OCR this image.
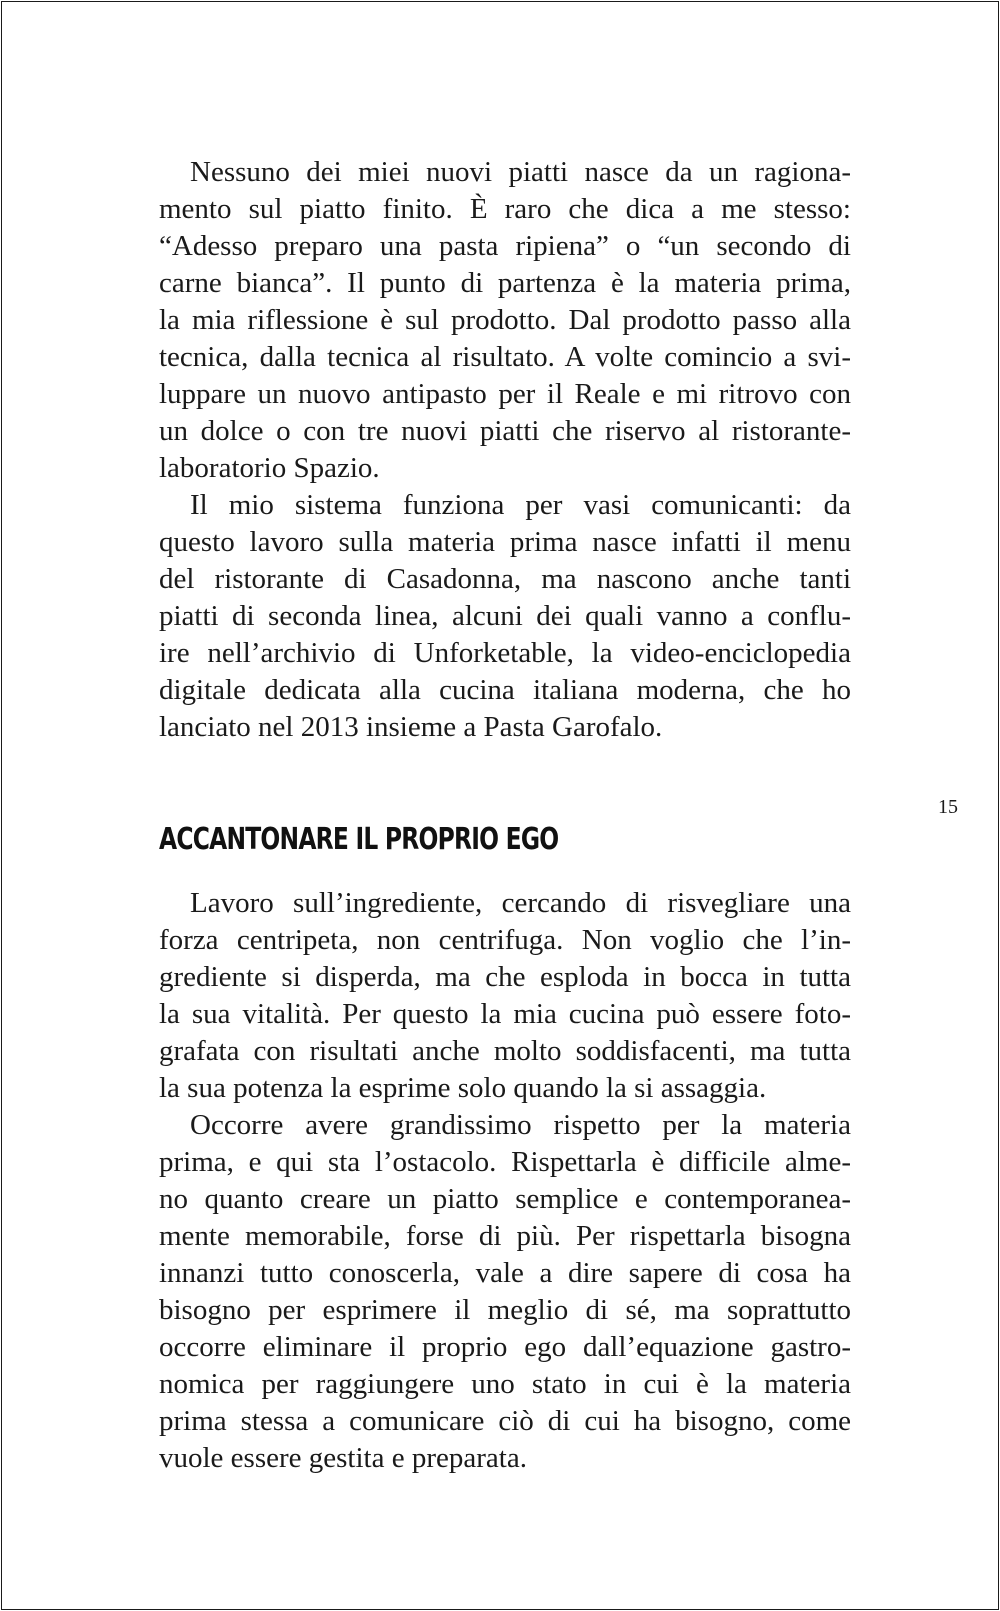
Nessuno dei miei nuovi piatti nasce da un ragiona-
mento sul piatto finito. È raro che dica a me stesso:
“Adesso preparo una pasta ripiena” o “un secondo di
carne bianca”. Il punto di partenza è la materia prima,
la mia riflessione è sul prodotto. Dal prodotto passo alla
tecnica, dalla tecnica al risultato. A volte comincio a svi-
luppare un nuovo antipasto per il Reale e mi ritrovo con
un dolce o con tre nuovi piatti che riservo al ristorante-
laboratorio Spazio.
Il mio sistema funziona per vasi comunicanti: da
questo lavoro sulla materia prima nasce infatti il menu
del ristorante di Casadonna, ma nascono anche tanti
piatti di seconda linea, alcuni dei quali vanno a conflu-
ire nell’archivio di Unforketable, la video-enciclopedia
digitale dedicata alla cucina italiana moderna, che ho
lanciato nel 2013 insieme a Pasta Garofalo.
15
ACCANTONARE IL PROPRIO EGO
Lavoro sull’ingrediente, cercando di risvegliare una
forza centripeta, non centrifuga. Non voglio che l’in-
grediente si disperda, ma che esploda in bocca in tutta
la sua vitalità. Per questo la mia cucina può essere foto-
grafata con risultati anche molto soddisfacenti, ma tutta
la sua potenza la esprime solo quando la si assaggia.
Occorre avere grandissimo rispetto per la materia
prima, e qui sta l’ostacolo. Rispettarla è difficile alme-
no quanto creare un piatto semplice e contemporanea-
mente memorabile, forse di più. Per rispettarla bisogna
innanzi tutto conoscerla, vale a dire sapere di cosa ha
bisogno per esprimere il meglio di sé, ma soprattutto
occorre eliminare il proprio ego dall’equazione gastro-
nomica per raggiungere uno stato in cui è la materia
prima stessa a comunicare ciò di cui ha bisogno, come
vuole essere gestita e preparata.
